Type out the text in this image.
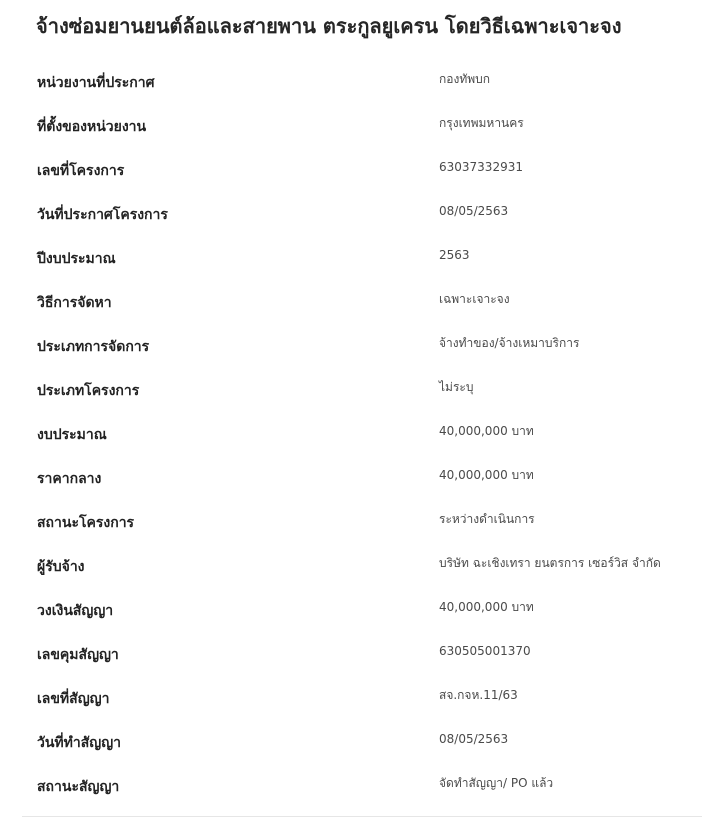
จ้างซ่อมยานยนต์ล้อและสายพาน ตระกูลยูเครน โดยวิธีเฉพาะเจาะจง
หน่วยงานที่ประกาศ	กองทัพบก
ที่ตั้งของหน่วยงาน	กรุงเทพมหานคร
เลขที่โครงการ	63037332931
วันที่ประกาศโครงการ	08/05/2563
ปีงบประมาณ	2563
วิธีการจัดหา	เฉพาะเจาะจง
ประเภทการจัดการ	จ้างทำของ/จ้างเหมาบริการ
ประเภทโครงการ	ไม่ระบุ
งบประมาณ	40,000,000 บาท
ราคากลาง	40,000,000 บาท
สถานะโครงการ	ระหว่างดำเนินการ
ผู้รับจ้าง	บริษัท ฉะเชิงเทรา ยนตรการ เซอร์วิส จำกัด
วงเงินสัญญา	40,000,000 บาท
เลขคุมสัญญา	630505001370
เลขที่สัญญา	สจ.กจห.11/63
วันที่ทำสัญญา	08/05/2563
สถานะสัญญา	จัดทำสัญญา/ PO แล้ว
